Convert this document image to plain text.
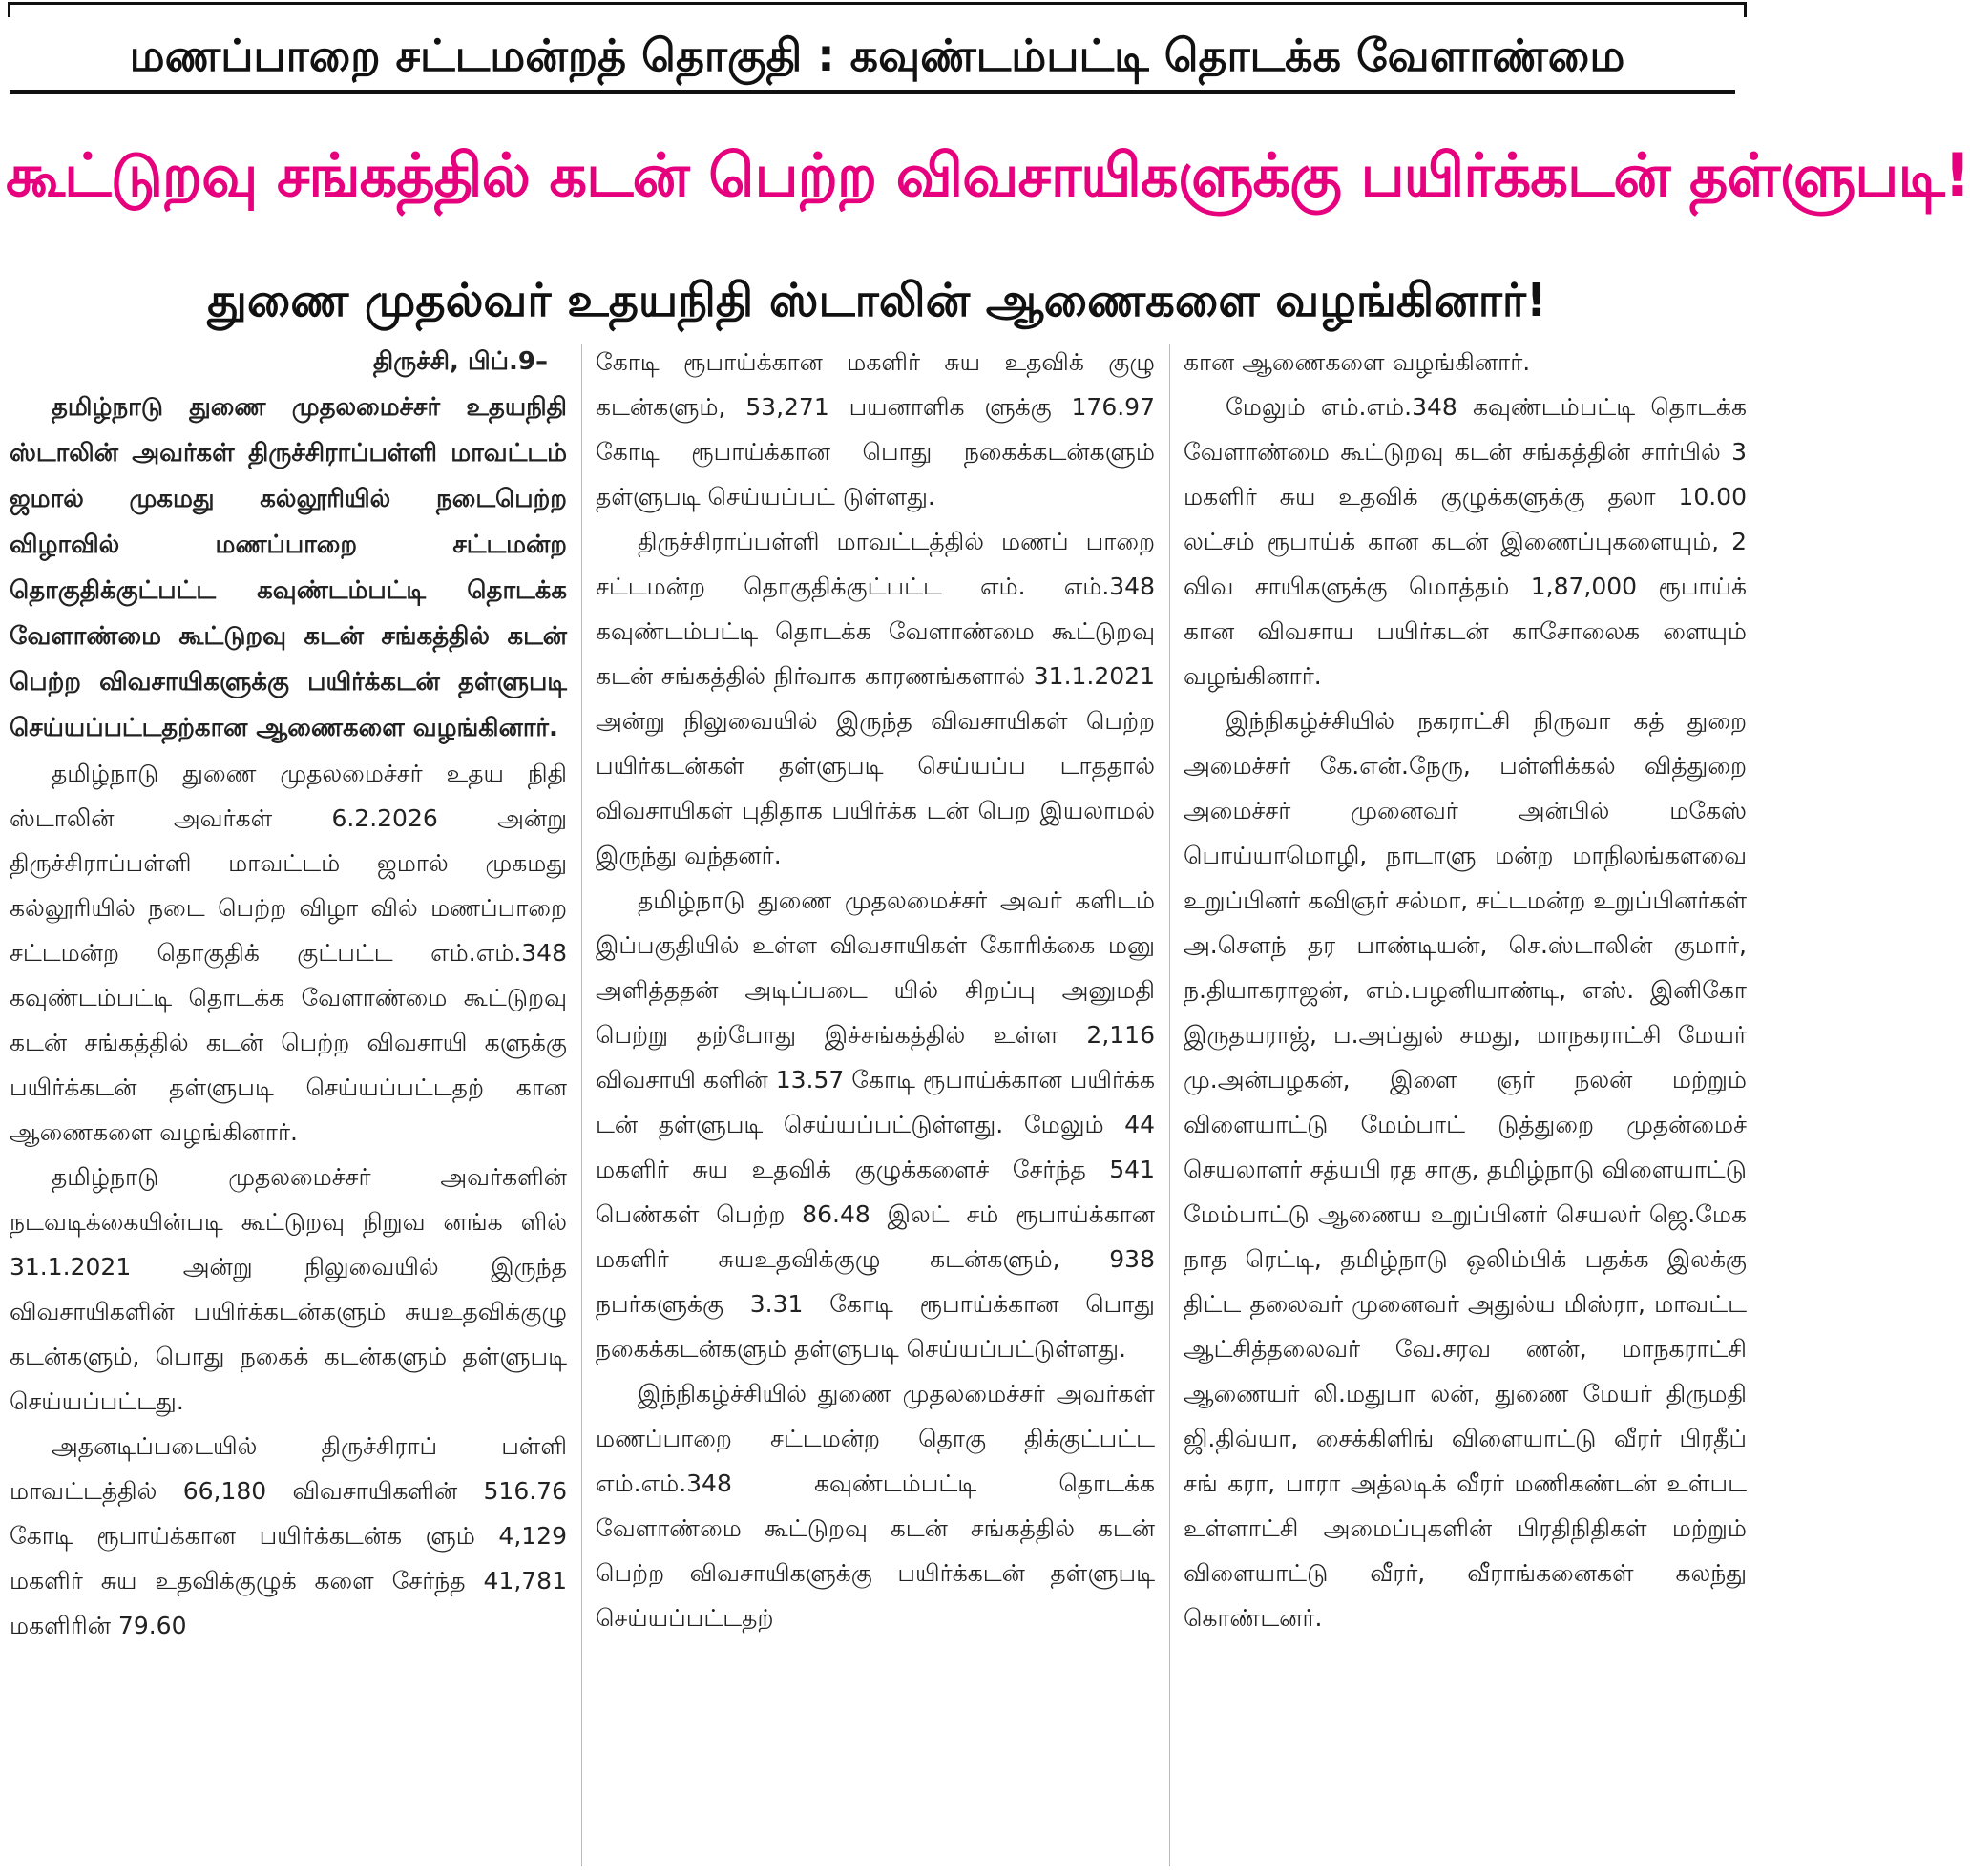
மணப்பாறை சட்டமன்றத் தொகுதி : கவுண்டம்பட்டி தொடக்க வேளாண்மை
கூட்டுறவு சங்கத்தில் கடன் பெற்ற விவசாயிகளுக்கு பயிர்க்கடன் தள்ளுபடி!
துணை முதல்வர் உதயநிதி ஸ்டாலின் ஆணைகளை வழங்கினார்!

திருச்சி, பிப்.9–

தமிழ்நாடு துணை முதலமைச்சர் உதயநிதி ஸ்டாலின் அவர்கள் திருச்சிராப்பள்ளி மாவட்டம் ஜமால் முகமது கல்லூரியில் நடைபெற்ற விழாவில் மணப்பாறை சட்டமன்ற தொகுதிக்குட்பட்ட கவுண்டம்பட்டி தொடக்க வேளாண்மை கூட்டுறவு கடன் சங்கத்தில் கடன் பெற்ற விவசாயிகளுக்கு பயிர்க்கடன் தள்ளுபடி செய்யப்பட்டதற்கான ஆணைகளை வழங்கினார்.

தமிழ்நாடு துணை முதலமைச்சர் உதய நிதி ஸ்டாலின் அவர்கள் 6.2.2026 அன்று திருச்சிராப்பள்ளி மாவட்டம் ஜமால் முகமது கல்லூரியில் நடை பெற்ற விழா வில் மணப்பாறை சட்டமன்ற தொகுதிக் குட்பட்ட எம்.எம்.348 கவுண்டம்பட்டி தொடக்க வேளாண்மை கூட்டுறவு கடன் சங்கத்தில் கடன் பெற்ற விவசாயி களுக்கு பயிர்க்கடன் தள்ளுபடி செய்யப்பட்டதற் கான ஆணைகளை வழங்கினார்.

தமிழ்நாடு முதலமைச்சர் அவர்களின் நடவடிக்கையின்படி கூட்டுறவு நிறுவ னங்க ளில் 31.1.2021 அன்று நிலுவையில் இருந்த விவசாயிகளின் பயிர்க்கடன்களும் சுயஉதவிக்குழு கடன்களும், பொது நகைக் கடன்களும் தள்ளுபடி செய்யப்பட்டது.

அதனடிப்படையில் திருச்சிராப் பள்ளி மாவட்டத்தில் 66,180 விவசாயிகளின் 516.76 கோடி ரூபாய்க்கான பயிர்க்கடன்க ளும் 4,129 மகளிர் சுய உதவிக்குழுக் களை சேர்ந்த 41,781 மகளிரின் 79.60

கோடி ரூபாய்க்கான மகளிர் சுய உதவிக் குழு கடன்களும், 53,271 பயனாளிக ளுக்கு 176.97 கோடி ரூபாய்க்கான பொது நகைக்கடன்களும் தள்ளுபடி செய்யப்பட் டுள்ளது.

திருச்சிராப்பள்ளி மாவட்டத்தில் மணப் பாறை சட்டமன்ற தொகுதிக்குட்பட்ட எம். எம்.348 கவுண்டம்பட்டி தொடக்க வேளாண்மை கூட்டுறவு கடன் சங்கத்தில் நிர்வாக காரணங்களால் 31.1.2021 அன்று நிலுவையில் இருந்த விவசாயிகள் பெற்ற பயிர்கடன்கள் தள்ளுபடி செய்யப்ப டாததால் விவசாயிகள் புதிதாக பயிர்க்க டன் பெற இயலாமல் இருந்து வந்தனர்.

தமிழ்நாடு துணை முதலமைச்சர் அவர் களிடம் இப்பகுதியில் உள்ள விவசாயிகள் கோரிக்கை மனு அளித்ததன் அடிப்படை யில் சிறப்பு அனுமதி பெற்று தற்போது இச்சங்கத்தில் உள்ள 2,116 விவசாயி களின் 13.57 கோடி ரூபாய்க்கான பயிர்க்க டன் தள்ளுபடி செய்யப்பட்டுள்ளது. மேலும் 44 மகளிர் சுய உதவிக் குழுக்களைச் சேர்ந்த 541 பெண்கள் பெற்ற 86.48 இலட் சம் ரூபாய்க்கான மகளிர் சுயஉதவிக்குழு கடன்களும், 938 நபர்களுக்கு 3.31 கோடி ரூபாய்க்கான பொது நகைக்கடன்களும் தள்ளுபடி செய்யப்பட்டுள்ளது.

இந்நிகழ்ச்சியில் துணை முதலமைச்சர் அவர்கள் மணப்பாறை சட்டமன்ற தொகு திக்குட்பட்ட எம்.எம்.348 கவுண்டம்பட்டி தொடக்க வேளாண்மை கூட்டுறவு கடன் சங்கத்தில் கடன் பெற்ற விவசாயிகளுக்கு பயிர்க்கடன் தள்ளுபடி செய்யப்பட்டதற்

கான ஆணைகளை வழங்கினார்.

மேலும் எம்.எம்.348 கவுண்டம்பட்டி தொடக்க வேளாண்மை கூட்டுறவு கடன் சங்கத்தின் சார்பில் 3 மகளிர் சுய உதவிக் குழுக்களுக்கு தலா 10.00 லட்சம் ரூபாய்க் கான கடன் இணைப்புகளையும், 2 விவ சாயிகளுக்கு மொத்தம் 1,87,000 ரூபாய்க் கான விவசாய பயிர்கடன் காசோலைக ளையும் வழங்கினார்.

இந்நிகழ்ச்சியில் நகராட்சி நிருவா கத் துறை அமைச்சர் கே.என்.நேரு, பள்ளிக்கல் வித்துறை அமைச்சர் முனைவர் அன்பில் மகேஸ் பொய்யாமொழி, நாடாளு மன்ற மாநிலங்களவை உறுப்பினர் கவிஞர் சல்மா, சட்டமன்ற உறுப்பினர்கள் அ.சௌந் தர பாண்டியன், செ.ஸ்டாலின் குமார், ந.தியாகராஜன், எம்.பழனியாண்டி, எஸ். இனிகோ இருதயராஜ், ப.அப்துல் சமது, மாநகராட்சி மேயர் மு.அன்பழகன், இளை ஞர் நலன் மற்றும் விளையாட்டு மேம்பாட் டுத்துறை முதன்மைச் செயலாளர் சத்யபி ரத சாகு, தமிழ்நாடு விளையாட்டு மேம்பாட்டு ஆணைய உறுப்பினர் செயலர் ஜெ.மேக நாத ரெட்டி, தமிழ்நாடு ஒலிம்பிக் பதக்க இலக்கு திட்ட தலைவர் முனைவர் அதுல்ய மிஸ்ரா, மாவட்ட ஆட்சித்தலைவர் வே.சரவ ணன், மாநகராட்சி ஆணையர் லி.மதுபா லன், துணை மேயர் திருமதி ஜி.திவ்யா, சைக்கிளிங் விளையாட்டு வீரர் பிரதீப் சங் கரா, பாரா அத்லடிக் வீரர் மணிகண்டன் உள்பட உள்ளாட்சி அமைப்புகளின் பிரதிநிதிகள் மற்றும் விளையாட்டு வீரர், வீராங்கனைகள் கலந்து கொண்டனர்.
